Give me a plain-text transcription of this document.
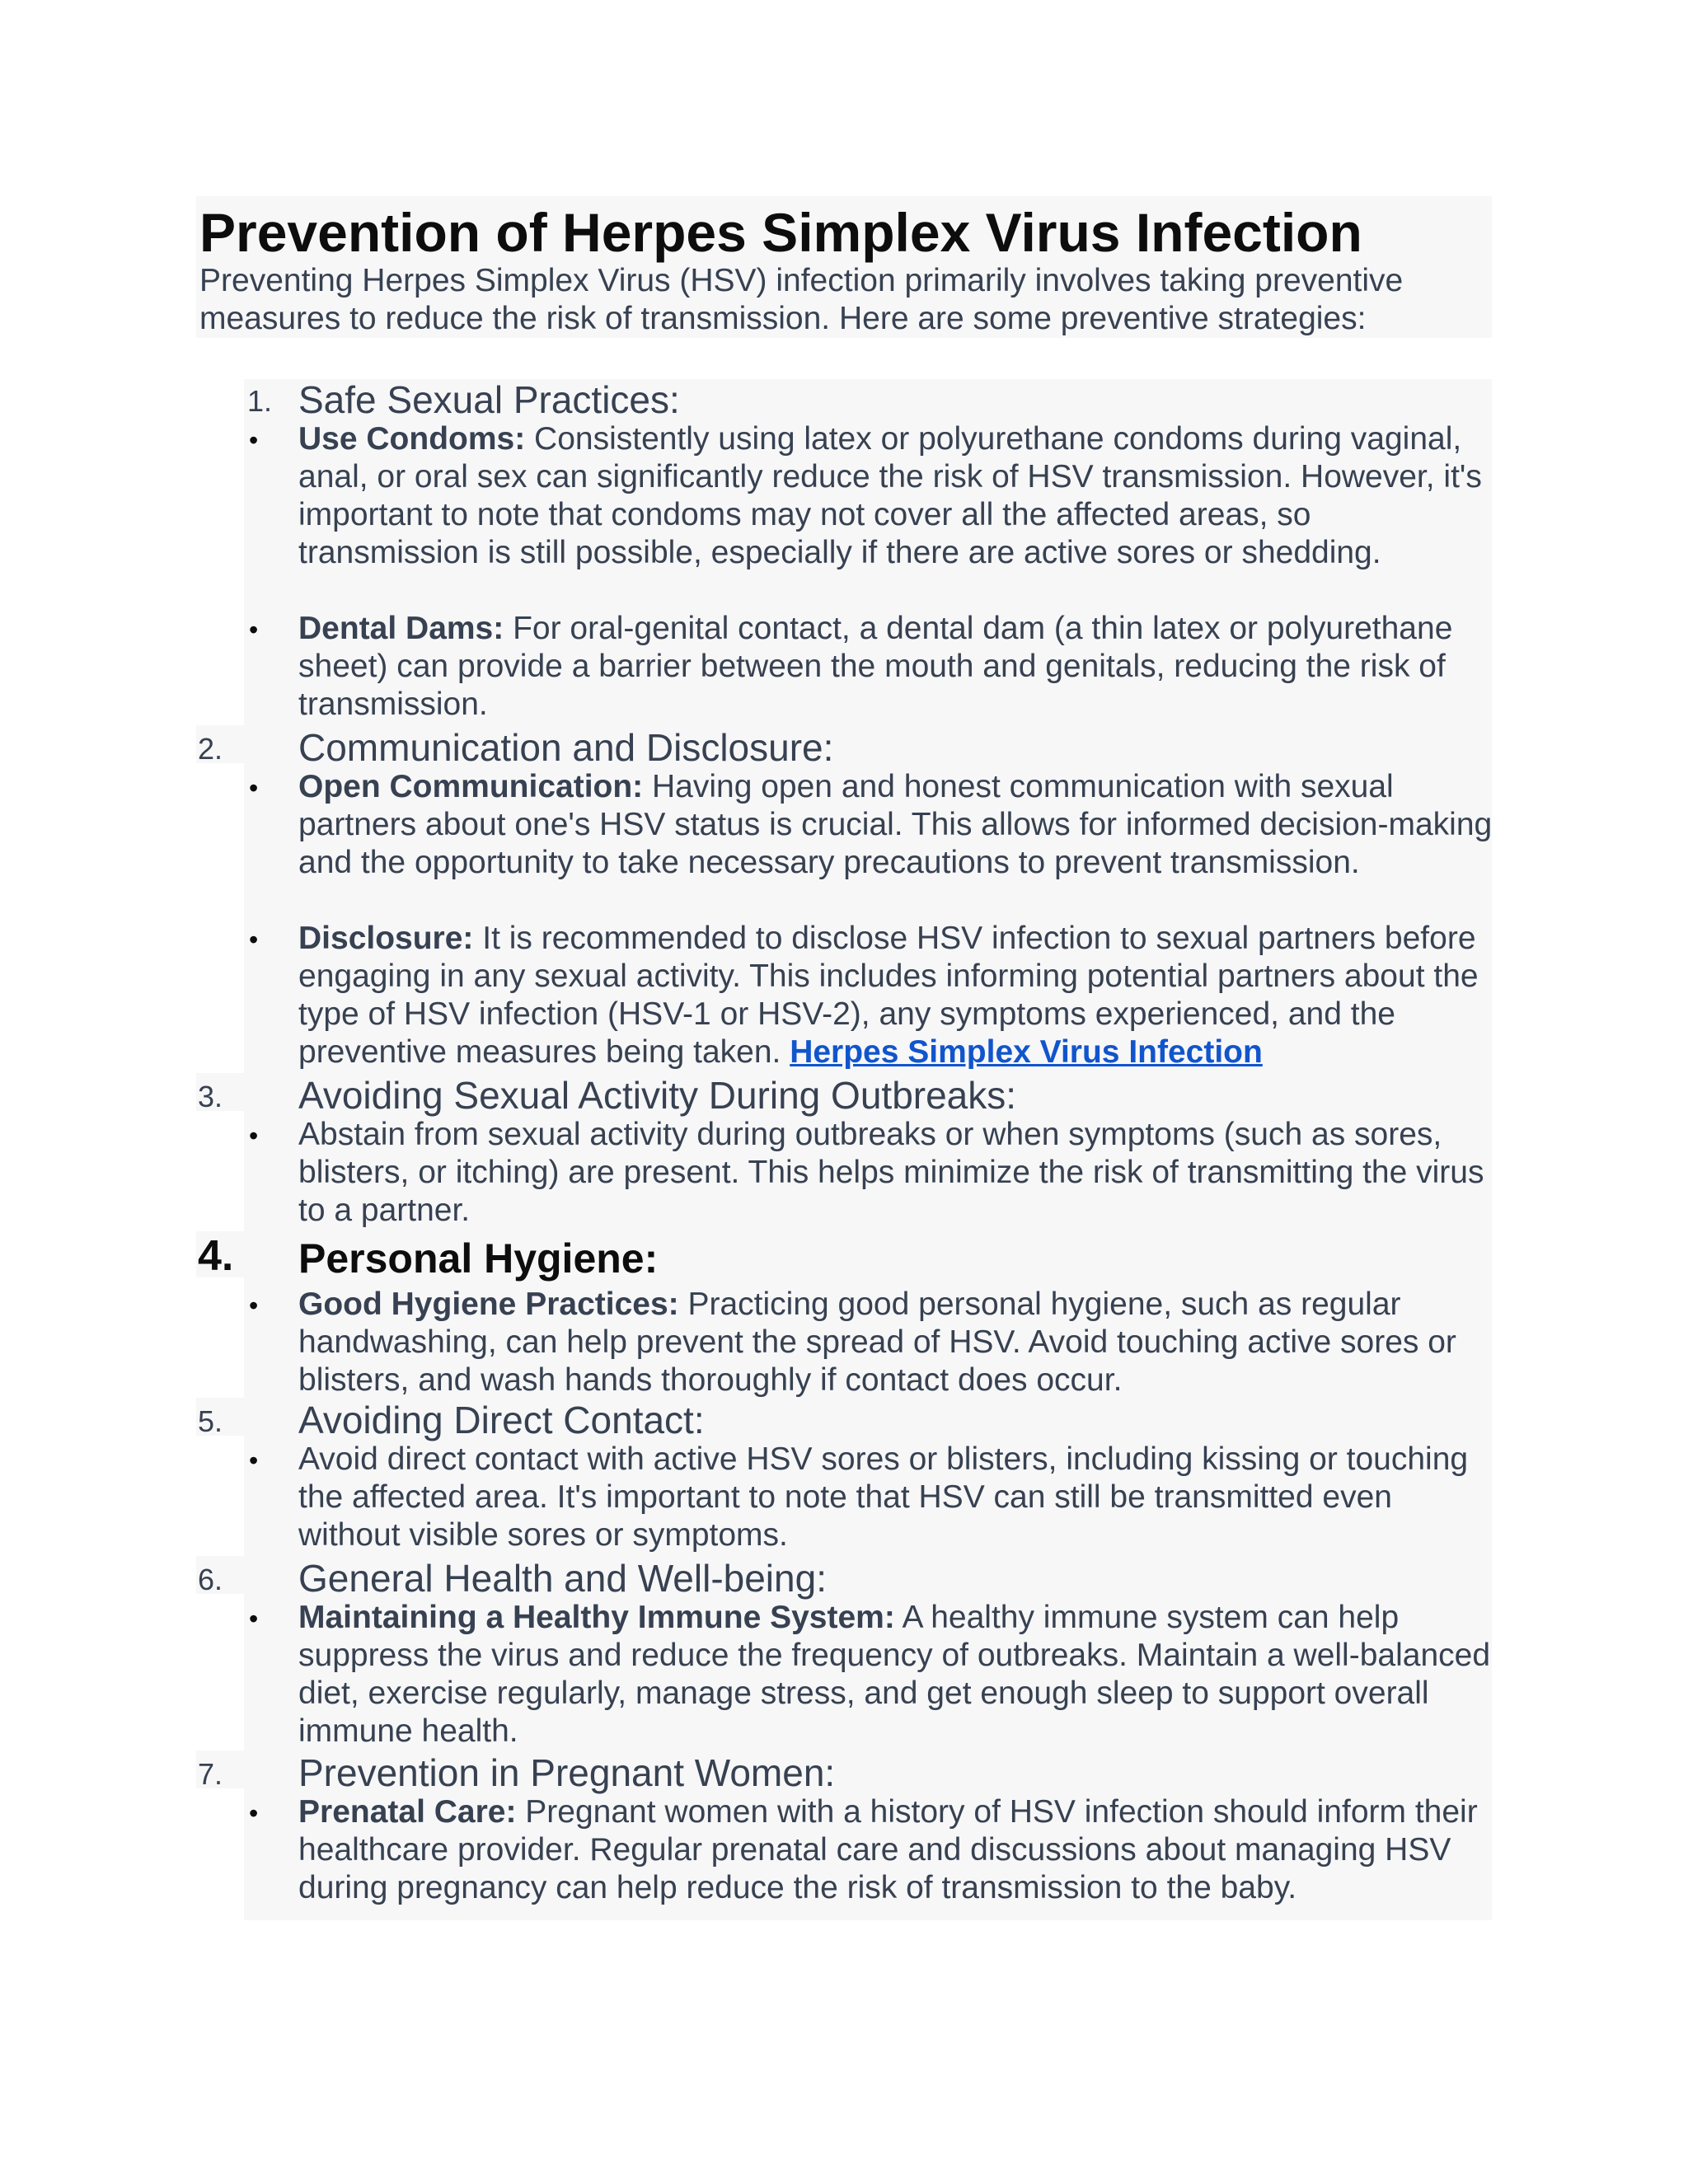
Prevention of Herpes Simplex Virus Infection

Preventing Herpes Simplex Virus (HSV) infection primarily involves taking preventive measures to reduce the risk of transmission. Here are some preventive strategies:

1. Safe Sexual Practices:
• Use Condoms: Consistently using latex or polyurethane condoms during vaginal, anal, or oral sex can significantly reduce the risk of HSV transmission. However, it's important to note that condoms may not cover all the affected areas, so transmission is still possible, especially if there are active sores or shedding.

• Dental Dams: For oral-genital contact, a dental dam (a thin latex or polyurethane sheet) can provide a barrier between the mouth and genitals, reducing the risk of transmission.

2. Communication and Disclosure:
• Open Communication: Having open and honest communication with sexual partners about one's HSV status is crucial. This allows for informed decision-making and the opportunity to take necessary precautions to prevent transmission.

• Disclosure: It is recommended to disclose HSV infection to sexual partners before engaging in any sexual activity. This includes informing potential partners about the type of HSV infection (HSV-1 or HSV-2), any symptoms experienced, and the preventive measures being taken. Herpes Simplex Virus Infection

3. Avoiding Sexual Activity During Outbreaks:
• Abstain from sexual activity during outbreaks or when symptoms (such as sores, blisters, or itching) are present. This helps minimize the risk of transmitting the virus to a partner.

4. Personal Hygiene:
• Good Hygiene Practices: Practicing good personal hygiene, such as regular handwashing, can help prevent the spread of HSV. Avoid touching active sores or blisters, and wash hands thoroughly if contact does occur.

5. Avoiding Direct Contact:
• Avoid direct contact with active HSV sores or blisters, including kissing or touching the affected area. It's important to note that HSV can still be transmitted even without visible sores or symptoms.

6. General Health and Well-being:
• Maintaining a Healthy Immune System: A healthy immune system can help suppress the virus and reduce the frequency of outbreaks. Maintain a well-balanced diet, exercise regularly, manage stress, and get enough sleep to support overall immune health.

7. Prevention in Pregnant Women:
• Prenatal Care: Pregnant women with a history of HSV infection should inform their healthcare provider. Regular prenatal care and discussions about managing HSV during pregnancy can help reduce the risk of transmission to the baby.
